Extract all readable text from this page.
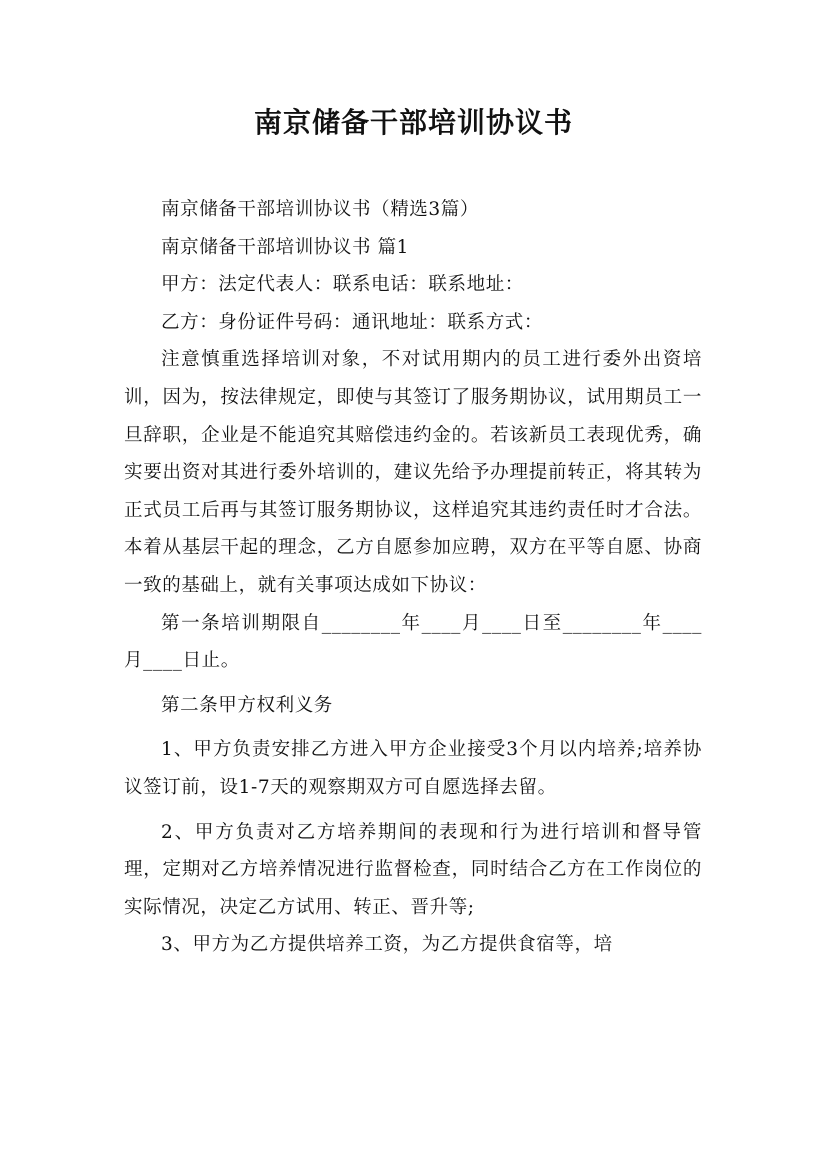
南京储备干部培训协议书

南京储备干部培训协议书（精选3篇）

南京储备干部培训协议书 篇1

甲方：法定代表人：联系电话：联系地址：

乙方：身份证件号码：通讯地址：联系方式：

注意慎重选择培训对象，不对试用期内的员工进行委外出资培训，因为，按法律规定，即使与其签订了服务期协议，试用期员工一旦辞职，企业是不能追究其赔偿违约金的。若该新员工表现优秀，确实要出资对其进行委外培训的，建议先给予办理提前转正，将其转为正式员工后再与其签订服务期协议，这样追究其违约责任时才合法。本着从基层干起的理念，乙方自愿参加应聘，双方在平等自愿、协商一致的基础上，就有关事项达成如下协议：

第一条培训期限自________年____月____日至________年____月____日止。

第二条甲方权利义务

1、甲方负责安排乙方进入甲方企业接受3个月以内培养;培养协议签订前，设1-7天的观察期双方可自愿选择去留。

2、甲方负责对乙方培养期间的表现和行为进行培训和督导管理，定期对乙方培养情况进行监督检查，同时结合乙方在工作岗位的实际情况，决定乙方试用、转正、晋升等;

3、甲方为乙方提供培养工资，为乙方提供食宿等，培
